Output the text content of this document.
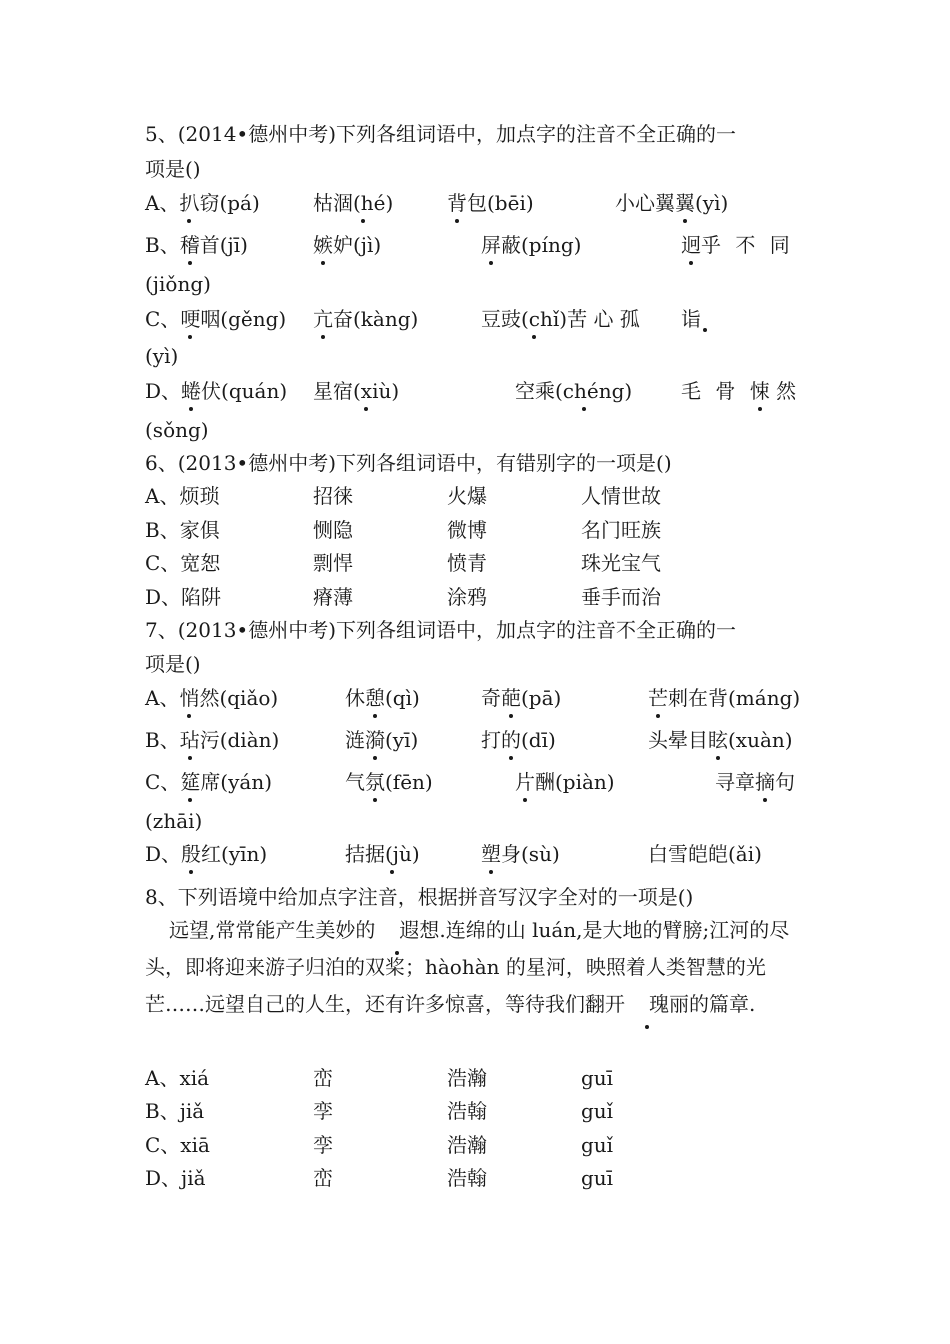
5、(2014•德州中考)下列各组词语中，加点字的注音不全正确的一
项是()
A、扒窃(pá)	枯涸(hé)	背包(bēi)	小心翼翼(yì)
B、稽首(jī)	嫉妒(jì)	屏蔽(píng)	迥乎 不 同
(jiǒng)
C、哽咽(gěng) 亢奋(kàng)	豆豉(chǐ)苦 心 孤 诣
(yì)
D、蜷伏(quán) 星宿(xiù)	空乘(chéng) 毛 骨 悚 然
(sǒng)
6、(2013•德州中考)下列各组词语中，有错别字的一项是()
A、烦琐	招徕	火爆	人情世故
B、家俱	恻隐	微博	名门旺族
C、宽恕	剽悍	愤青	珠光宝气
D、陷阱	瘠薄	涂鸦	垂手而治
7、(2013•德州中考)下列各组词语中，加点字的注音不全正确的一
项是()
A、悄然(qiǎo)	休憩(qì)	奇葩(pā)	芒刺在背(máng)
B、玷污(diàn)	涟漪(yī)	打的(dī)	头晕目眩(xuàn)
C、筵席(yán)	气氛(fēn)	片酬(piàn)	寻章摘句
(zhāi)
D、殷红(yīn)	拮据(jù)	塑身(sù)	白雪皑皑(ǎi)
8、下列语境中给加点字注音，根据拼音写汉字全对的一项是()
远望,常常能产生美妙的 遐想.连绵的山 luán,是大地的臂膀;江河的尽头，即将迎来游子归泊的双桨；hàohàn 的星河，映照着人类智慧的光芒……远望自己的人生，还有许多惊喜，等待我们翻开 瑰丽的篇章.
A、xiá	峦	浩瀚	guī
B、jiǎ	孪	浩翰	guǐ
C、xiā	孪	浩瀚	guǐ
D、jiǎ	峦	浩翰	guī
